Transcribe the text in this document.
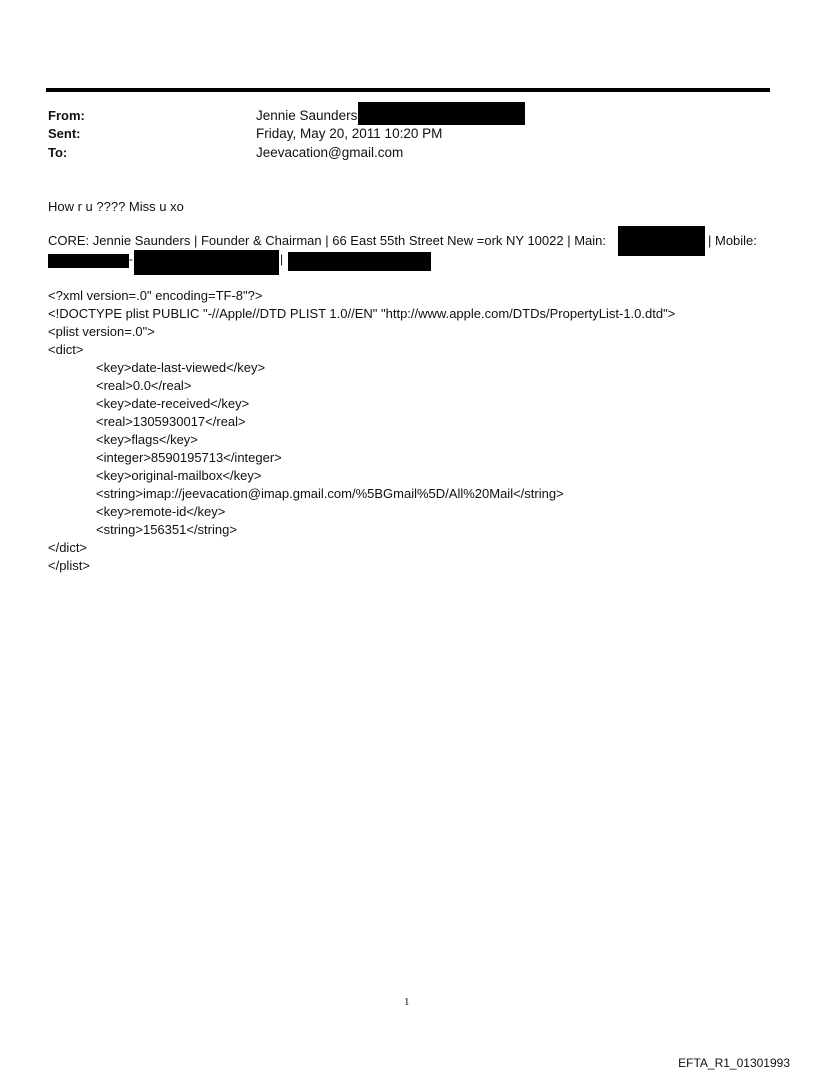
From:	Jennie Saunders
Sent:	Friday, May 20, 2011 10:20 PM
To:	Jeevacation@gmail.com
How r u ???? Miss u xo
CORE: Jennie Saunders | Founder & Chairman | 66 East 55th Street New =ork NY 10022 | Main:	| Mobile:
-	|
<?xml version=.0" encoding=TF-8"?>
<!DOCTYPE plist PUBLIC "-//Apple//DTD PLIST 1.0//EN" "http://www.apple.com/DTDs/PropertyList-1.0.dtd">
<plist version=.0">
<dict>
<key>date-last-viewed</key>
<real>0.0</real>
<key>date-received</key>
<real>1305930017</real>
<key>flags</key>
<integer>8590195713</integer>
<key>original-mailbox</key>
<string>imap://jeevacation@imap.gmail.com/%5BGmail%5D/All%20Mail</string>
<key>remote-id</key>
<string>156351</string>
</dict>
</plist>
1
EFTA_R1_01301993
